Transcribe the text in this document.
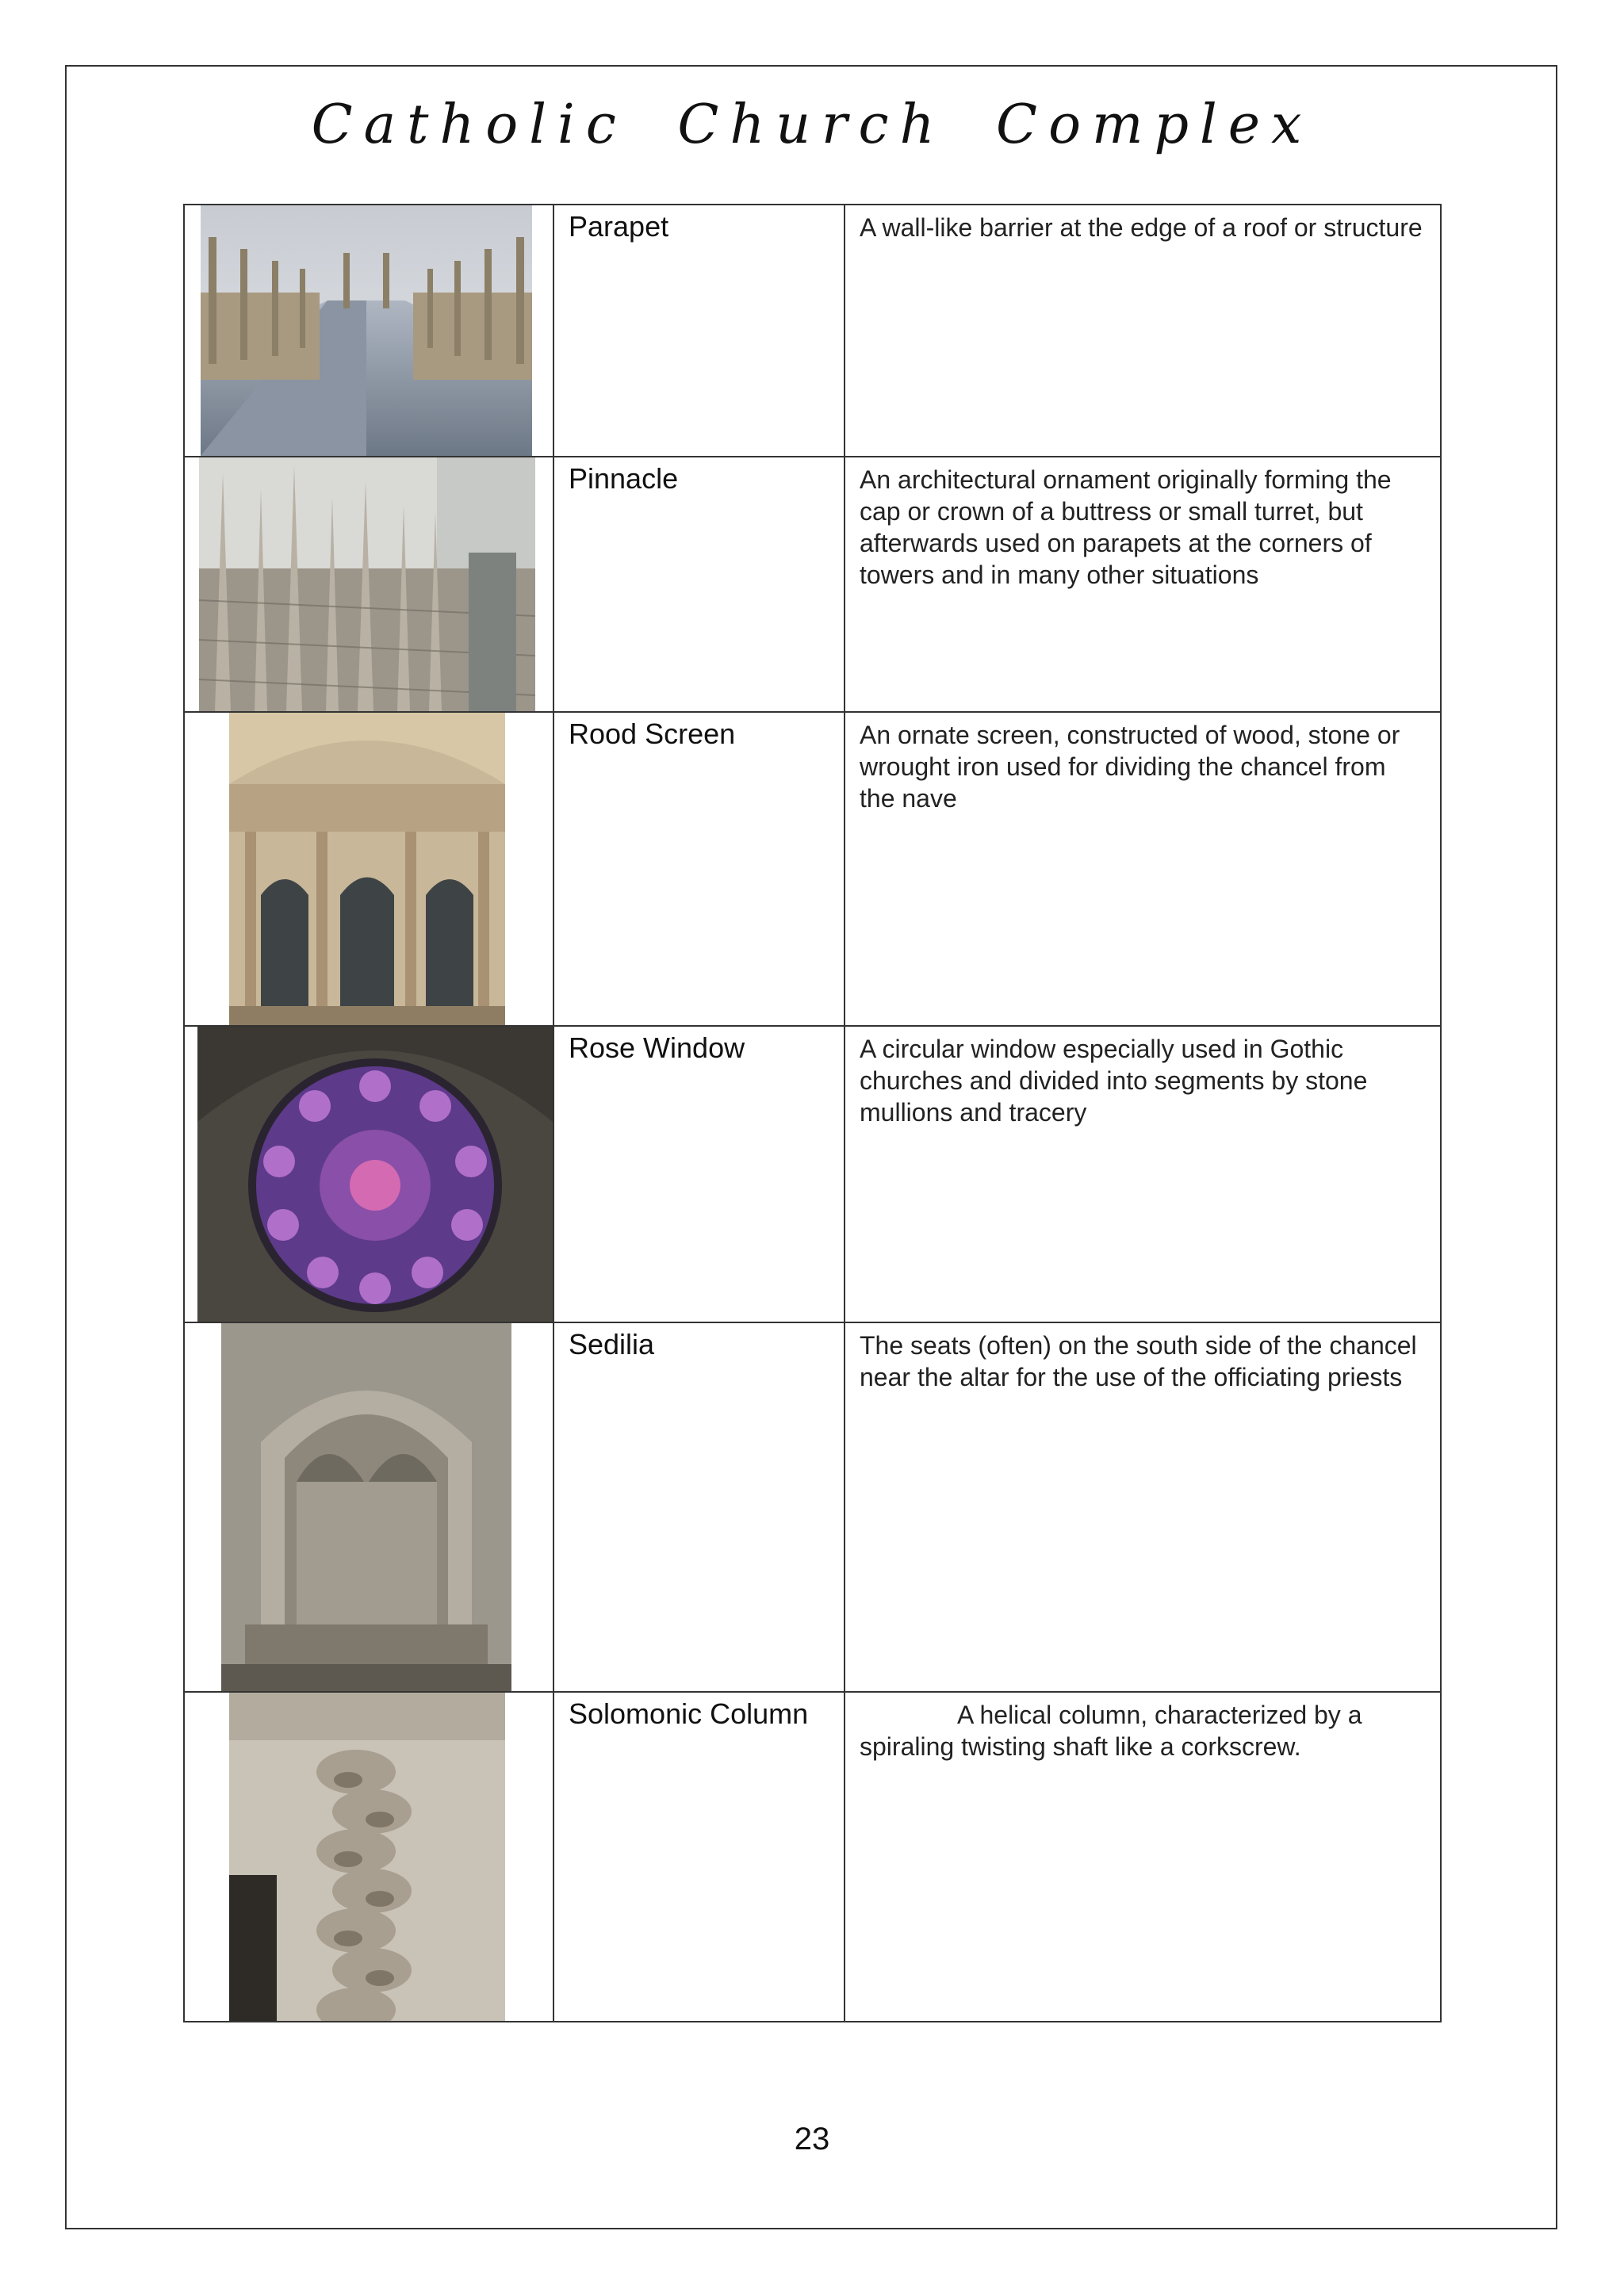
Catholic Church Complex

Parapet	A wall-like barrier at the edge of a roof or structure

Pinnacle	An architectural ornament originally forming the cap or crown of a buttress or small turret, but afterwards used on parapets at the corners of towers and in many other situations

Rood Screen	An ornate screen, constructed of wood, stone or wrought iron used for dividing the chancel from the nave

Rose Window	A circular window especially used in Gothic churches and divided into segments by stone mullions and tracery

Sedilia	The seats (often) on the south side of the chancel near the altar for the use of the officiating priests

Solomonic Column	A helical column, characterized by a spiraling twisting shaft like a corkscrew.
23
